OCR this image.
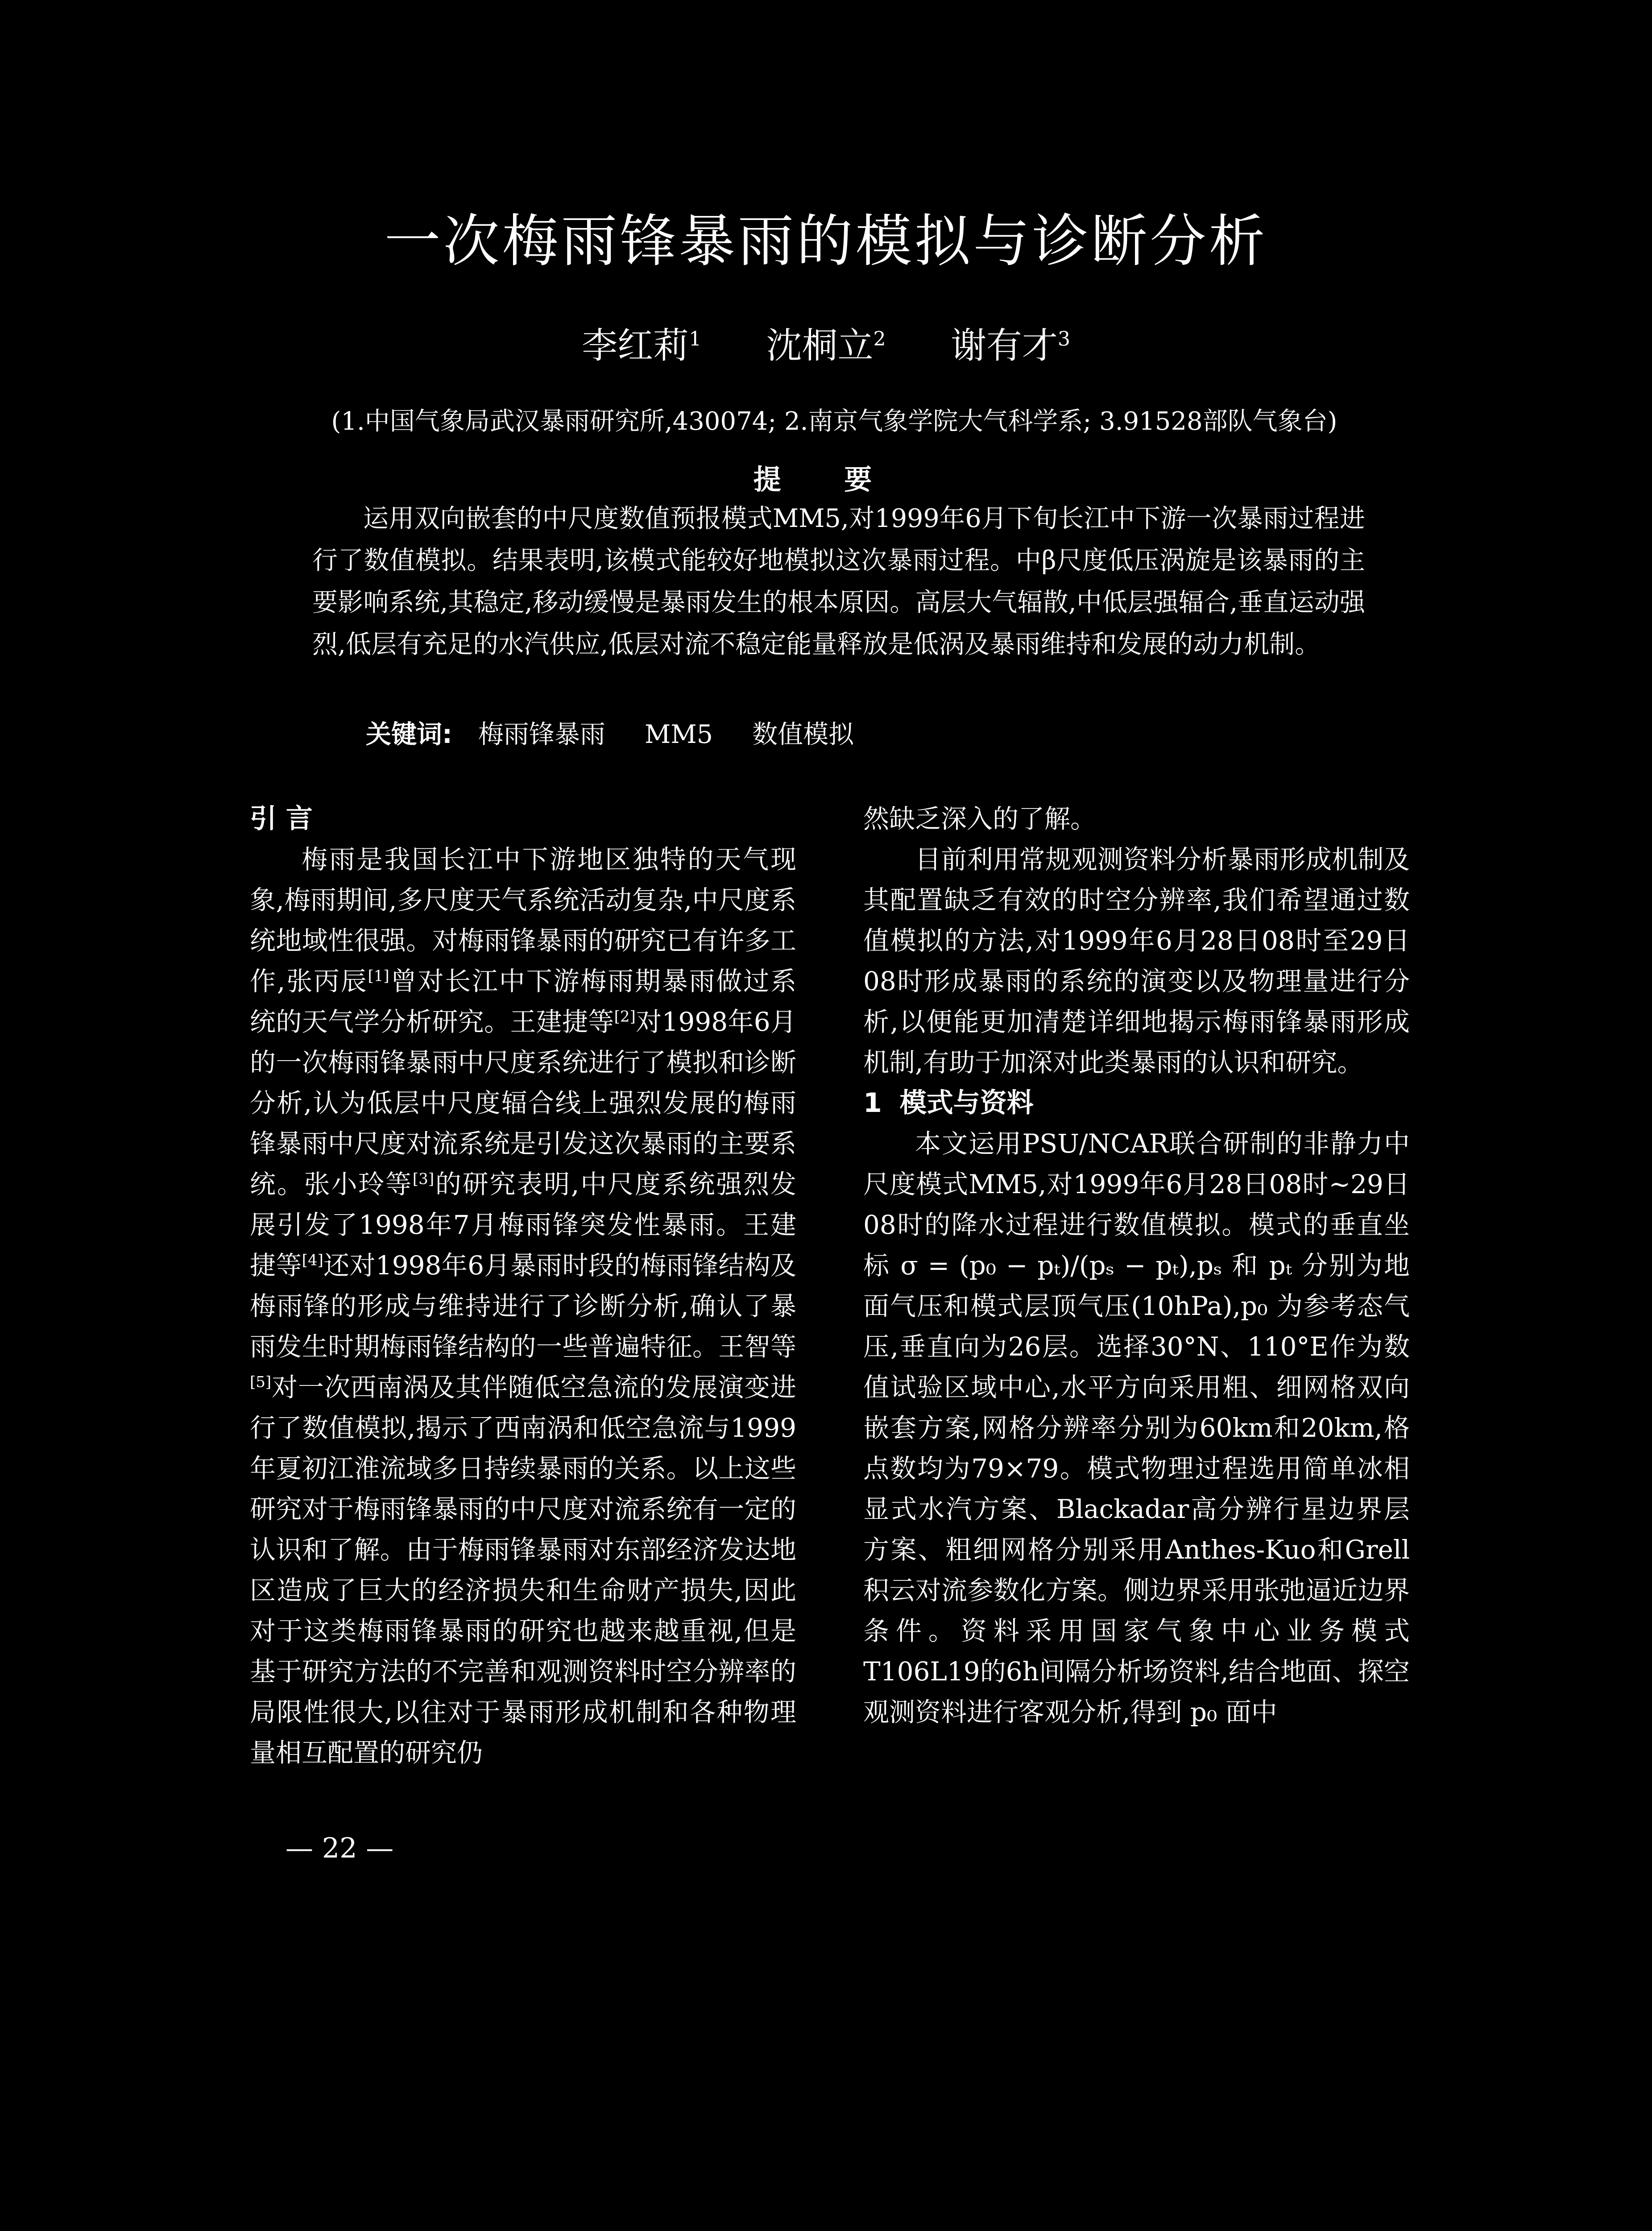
一次梅雨锋暴雨的模拟与诊断分析
李红莉$^1$ 沈桐立$^2$ 谢有才$^3$
(1.中国气象局武汉暴雨研究所,430074; 2.南京气象学院大气科学系; 3.91528部队气象台)
提 要
运用双向嵌套的中尺度数值预报模式MM5,对1999年6月下旬长江中下游一次暴雨过程进行了数值模拟。结果表明,该模式能较好地模拟这次暴雨过程。中β尺度低压涡旋是该暴雨的主要影响系统,其稳定,移动缓慢是暴雨发生的根本原因。高层大气辐散,中低层强辐合,垂直运动强烈,低层有充足的水汽供应,低层对流不稳定能量释放是低涡及暴雨维持和发展的动力机制。
关键词: 梅雨锋暴雨 MM5 数值模拟
引 言

梅雨是我国长江中下游地区独特的天气现象,梅雨期间,多尺度天气系统活动复杂,中尺度系统地域性很强。对梅雨锋暴雨的研究已有许多工作,张丙辰[1]曾对长江中下游梅雨期暴雨做过系统的天气学分析研究。王建捷等[2]对1998年6月的一次梅雨锋暴雨中尺度系统进行了模拟和诊断分析,认为低层中尺度辐合线上强烈发展的梅雨锋暴雨中尺度对流系统是引发这次暴雨的主要系统。张小玲等[3]的研究表明,中尺度系统强烈发展引发了1998年7月梅雨锋突发性暴雨。王建捷等[4]还对1998年6月暴雨时段的梅雨锋结构及梅雨锋的形成与维持进行了诊断分析,确认了暴雨发生时期梅雨锋结构的一些普遍特征。王智等[5]对一次西南涡及其伴随低空急流的发展演变进行了数值模拟,揭示了西南涡和低空急流与1999年夏初江淮流域多日持续暴雨的关系。以上这些研究对于梅雨锋暴雨的中尺度对流系统有一定的认识和了解。由于梅雨锋暴雨对东部经济发达地区造成了巨大的经济损失和生命财产损失,因此对于这类梅雨锋暴雨的研究也越来越重视,但是基于研究方法的不完善和观测资料时空分辨率的局限性很大,以往对于暴雨形成机制和各种物理量相互配置的研究仍

然缺乏深入的了解。

目前利用常规观测资料分析暴雨形成机制及其配置缺乏有效的时空分辨率,我们希望通过数值模拟的方法,对1999年6月28日08时至29日08时形成暴雨的系统的演变以及物理量进行分析,以便能更加清楚详细地揭示梅雨锋暴雨形成机制,有助于加深对此类暴雨的认识和研究。

1 模式与资料

本文运用PSU/NCAR联合研制的非静力中尺度模式MM5,对1999年6月28日08时~29日08时的降水过程进行数值模拟。模式的垂直坐标 σ = (p₀ − pₜ)/(pₛ − pₜ),pₛ 和 pₜ 分别为地面气压和模式层顶气压(10hPa),p₀ 为参考态气压,垂直向为26层。选择30°N、110°E作为数值试验区域中心,水平方向采用粗、细网格双向嵌套方案,网格分辨率分别为60km和20km,格点数均为79×79。模式物理过程选用简单冰相显式水汽方案、Blackadar高分辨行星边界层方案、粗细网格分别采用Anthes-Kuo和Grell积云对流参数化方案。侧边界采用张弛逼近边界条件。资料采用国家气象中心业务模式T106L19的6h间隔分析场资料,结合地面、探空观测资料进行客观分析,得到 p₀ 面中

— 22 —
